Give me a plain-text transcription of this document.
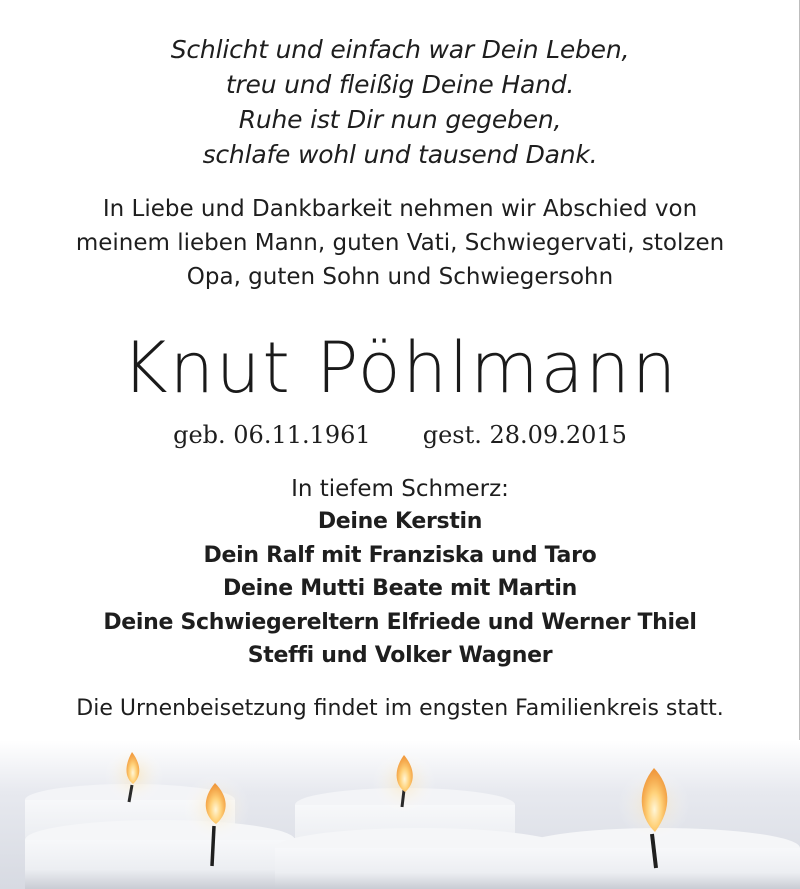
Schlicht und einfach war Dein Leben,
treu und fleißig Deine Hand.
Ruhe ist Dir nun gegeben,
schlafe wohl und tausend Dank.
In Liebe und Dankbarkeit nehmen wir Abschied von
meinem lieben Mann, guten Vati, Schwiegervati, stolzen
Opa, guten Sohn und Schwiegersohn
Knut Pöhlmann
geb. 06.11.1961 gest. 28.09.2015
In tiefem Schmerz:
Deine Kerstin
Dein Ralf mit Franziska und Taro
Deine Mutti Beate mit Martin
Deine Schwiegereltern Elfriede und Werner Thiel
Steffi und Volker Wagner
Die Urnenbeisetzung findet im engsten Familienkreis statt.
